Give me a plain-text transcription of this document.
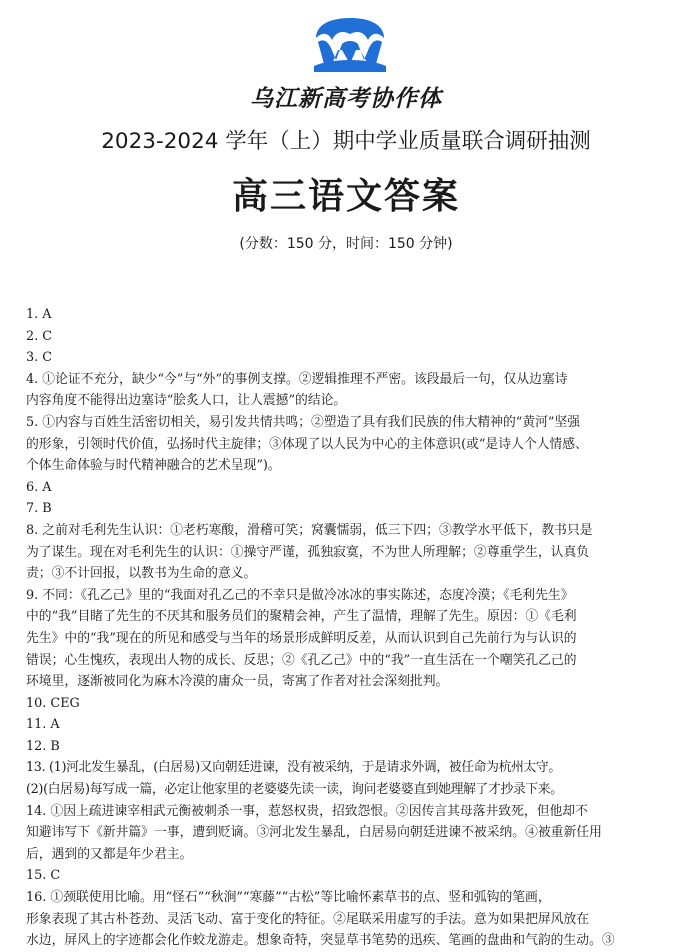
乌江新高考协作体
2023-2024 学年（上）期中学业质量联合调研抽测
高三语文答案
(分数：150 分，时间：150 分钟)
1. A
2. C
3. C
4. ①论证不充分，缺少“今”与“外”的事例支撑。②逻辑推理不严密。该段最后一句，仅从边塞诗
内容角度不能得出边塞诗“脍炙人口，让人震撼”的结论。
5. ①内容与百姓生活密切相关，易引发共情共鸣；②塑造了具有我们民族的伟大精神的“黄河”坚强
的形象，引领时代价值，弘扬时代主旋律；③体现了以人民为中心的主体意识(或“是诗人个人情感、
个体生命体验与时代精神融合的艺术呈现”)。
6. A
7. B
8. 之前对毛利先生认识：①老朽寒酸，滑稽可笑；窝囊懦弱，低三下四；③教学水平低下，教书只是
为了谋生。现在对毛利先生的认识：①操守严谨，孤独寂寞，不为世人所理解；②尊重学生，认真负
责；③不计回报，以教书为生命的意义。
9. 不同：《孔乙己》里的“我面对孔乙己的不幸只是做冷冰冰的事实陈述，态度冷漠；《毛利先生》
中的“我”目睹了先生的不厌其和服务员们的聚精会神，产生了温情，理解了先生。原因：①《毛利
先生》中的“我”现在的所见和感受与当年的场景形成鲜明反差，从而认识到自己先前行为与认识的
错误；心生愧疚，表现出人物的成长、反思；②《孔乙己》中的“我”一直生活在一个嘲笑孔乙己的
环境里，逐渐被同化为麻木冷漠的庸众一员，寄寓了作者对社会深刻批判。
10. CEG
11. A
12. B
13. (1)河北发生暴乱，(白居易)又向朝廷进谏，没有被采纳，于是请求外调，被任命为杭州太守。
(2)(白居易)每写成一篇，必定让他家里的老婆婆先读一读，询问老婆婆直到她理解了才抄录下来。
14. ①因上疏进谏宰相武元衡被刺杀一事，惹怒权贵，招致怨恨。②因传言其母落井致死，但他却不
知避讳写下《新井篇》一事，遭到贬谪。③河北发生暴乱，白居易向朝廷进谏不被采纳。④被重新任用
后，遇到的又都是年少君主。
15. C
16. ①颈联使用比喻。用“怪石”“秋涧”“寒藤”“古松”等比喻怀素草书的点、竖和弧钩的笔画，
形象表现了其古朴苍劲、灵活飞动、富于变化的特征。②尾联采用虚写的手法。意为如果把屏风放在
水边，屏风上的字迹都会化作蛟龙游走。想象奇特，突显草书笔势的迅疾、笔画的盘曲和气韵的生动。③
